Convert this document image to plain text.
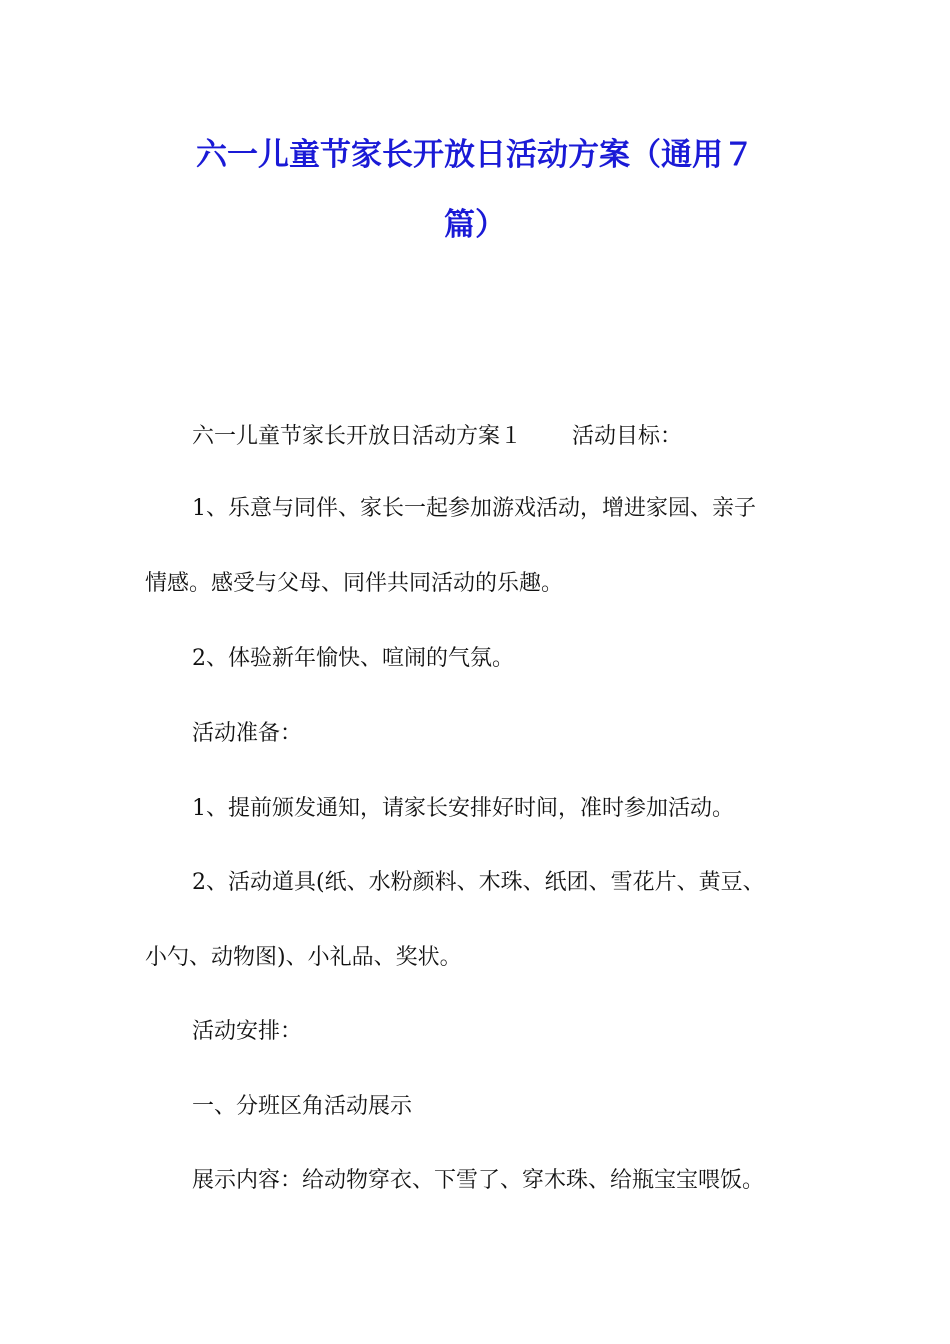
六一儿童节家长开放日活动方案（通用７
篇）

六一儿童节家长开放日活动方案１ 活动目标：

1、乐意与同伴、家长一起参加游戏活动，增进家园、亲子

情感。感受与父母、同伴共同活动的乐趣。

2、体验新年愉快、喧闹的气氛。

活动准备：

1、提前颁发通知，请家长安排好时间，准时参加活动。

2、活动道具(纸、水粉颜料、木珠、纸团、雪花片、黄豆、

小勺、动物图)、小礼品、奖状。

活动安排：

一、分班区角活动展示

展示内容：给动物穿衣、下雪了、穿木珠、给瓶宝宝喂饭。
